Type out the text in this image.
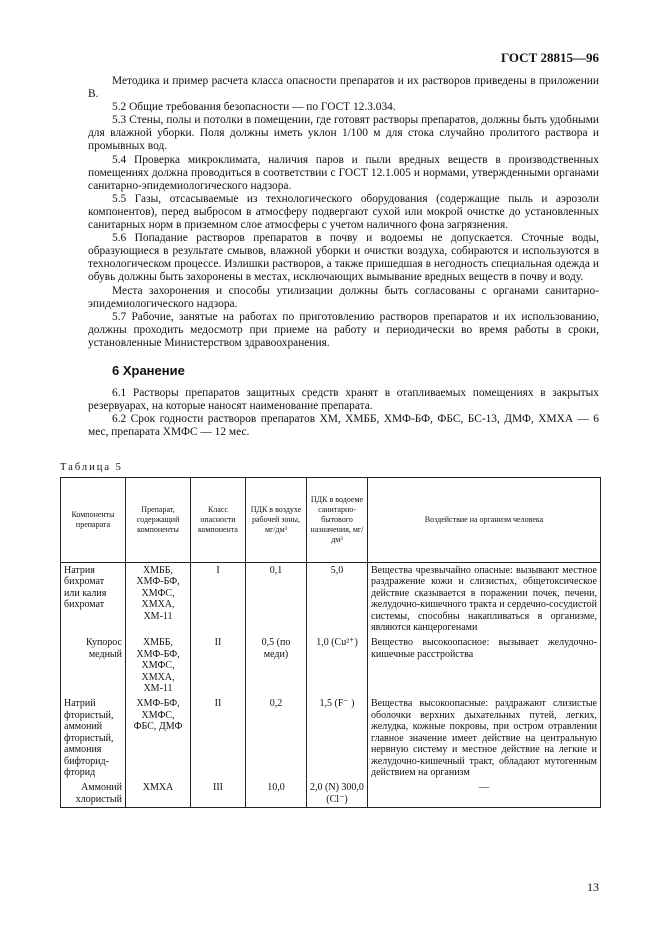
ГОСТ 28815—96

Методика и пример расчета класса опасности препаратов и их растворов приведены в приложении В.

5.2 Общие требования безопасности — по ГОСТ 12.3.034.

5.3 Стены, полы и потолки в помещении, где готовят растворы препаратов, должны быть удобными для влажной уборки. Поля должны иметь уклон 1/100 м для стока случайно пролитого раствора и промывных вод.

5.4 Проверка микроклимата, наличия паров и пыли вредных веществ в производственных помещениях должна проводиться в соответствии с ГОСТ 12.1.005 и нормами, утвержденными органами санитарно-эпидемиологического надзора.

5.5 Газы, отсасываемые из технологического оборудования (содержащие пыль и аэрозоли компонентов), перед выбросом в атмосферу подвергают сухой или мокрой очистке до установленных санитарных норм в приземном слое атмосферы с учетом наличного фона загрязнения.

5.6 Попадание растворов препаратов в почву и водоемы не допускается. Сточные воды, образующиеся в результате смывов, влажной уборки и очистки воздуха, собираются и используются в технологическом процессе. Излишки растворов, а также пришедшая в негодность специальная одежда и обувь должны быть захоронены в местах, исключающих вымывание вредных веществ в почву и воду.

Места захоронения и способы утилизации должны быть согласованы с органами санитарно-эпидемиологического надзора.

5.7 Рабочие, занятые на работах по приготовлению растворов препаратов и их использованию, должны проходить медосмотр при приеме на работу и периодически во время работы в сроки, установленные Министерством здравоохранения.

6 Хранение

6.1 Растворы препаратов защитных средств хранят в отапливаемых помещениях в закрытых резервуарах, на которые наносят наименование препарата.

6.2 Срок годности растворов препаратов ХМ, ХМББ, ХМФ-БФ, ФБС, БС-13, ДМФ, ХМХА — 6 мес, препарата ХМФС — 12 мес.

Таблица 5
Компоненты препарата	Препарат, содержащий компоненты	Класс опасности компонента	ПДК в воздухе рабочей зоны, мг/дм³	ПДК в водоеме санитарно-бытового назначения, мг/дм³	Воздействие на организм человека
Натрия бихромат или калия бихромат	ХМББ, ХМФ-БФ, ХМФС, ХМХА, ХМ-11	I	0,1	5,0	Вещества чрезвычайно опасные: вызывают местное раздражение кожи и слизистых, общетоксическое действие сказывается в поражении почек, печени, желудочно-кишечного тракта и сердечно-сосудистой системы, способны накапливаться в организме, являются канцерогенами
Купорос медный	ХМББ, ХМФ-БФ, ХМФС, ХМХА, ХМ-11	II	0,5 (по меди)	1,0 (Cu²⁺)	Вещество высокоопасное: вызывает желудочно-кишечные расстройства
Натрий фтористый, аммоний фтористый, аммония бифторид-фторид	ХМФ-БФ, ХМФС, ФБС, ДМФ	II	0,2	1,5 (F⁻ )	Вещества высокоопасные: раздражают слизистые оболочки верхних дыхательных путей, легких, желудка, кожные покровы, при остром отравлении главное значение имеет действие на центральную нервную систему и местное действие на легкие и желудочно-кишечный тракт, обладают мутогенным действием на организм
Аммоний хлористый	ХМХА	III	10,0	2,0 (N) 300,0 (Cl⁻)	—
13
